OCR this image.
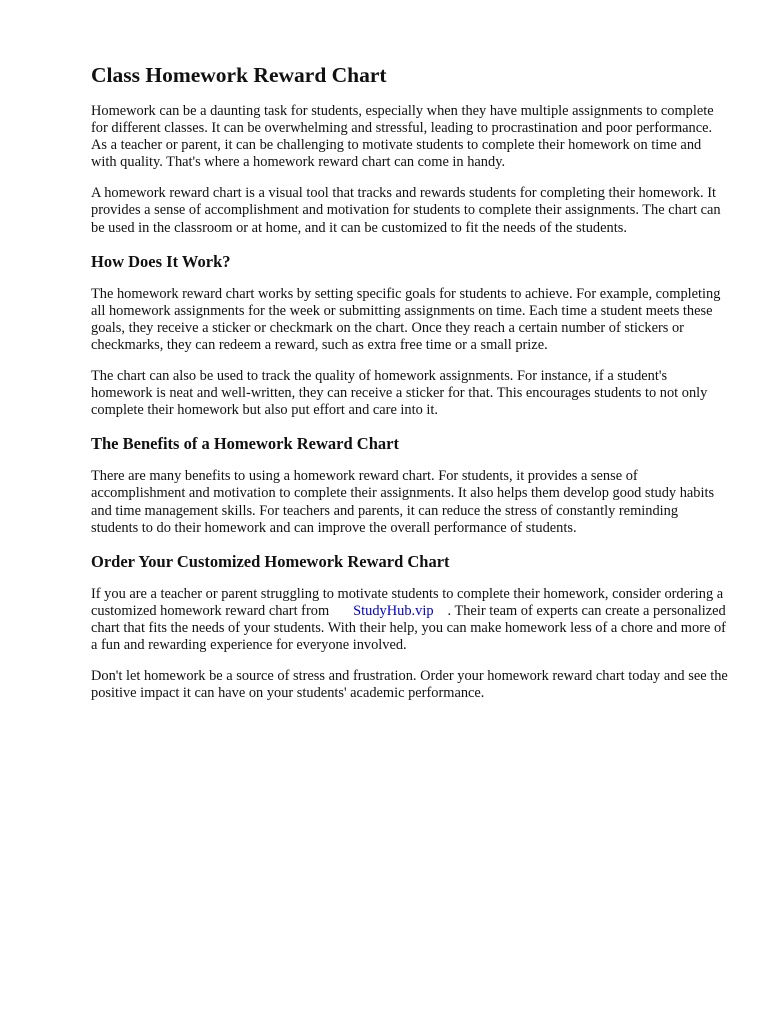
Class Homework Reward Chart

Homework can be a daunting task for students, especially when they have multiple assignments to complete for different classes. It can be overwhelming and stressful, leading to procrastination and poor performance. As a teacher or parent, it can be challenging to motivate students to complete their homework on time and with quality. That's where a homework reward chart can come in handy.

A homework reward chart is a visual tool that tracks and rewards students for completing their homework. It provides a sense of accomplishment and motivation for students to complete their assignments. The chart can be used in the classroom or at home, and it can be customized to fit the needs of the students.

How Does It Work?

The homework reward chart works by setting specific goals for students to achieve. For example, completing all homework assignments for the week or submitting assignments on time. Each time a student meets these goals, they receive a sticker or checkmark on the chart. Once they reach a certain number of stickers or checkmarks, they can redeem a reward, such as extra free time or a small prize.

The chart can also be used to track the quality of homework assignments. For instance, if a student's homework is neat and well-written, they can receive a sticker for that. This encourages students to not only complete their homework but also put effort and care into it.

The Benefits of a Homework Reward Chart

There are many benefits to using a homework reward chart. For students, it provides a sense of accomplishment and motivation to complete their assignments. It also helps them develop good study habits and time management skills. For teachers and parents, it can reduce the stress of constantly reminding students to do their homework and can improve the overall performance of students.

Order Your Customized Homework Reward Chart

If you are a teacher or parent struggling to motivate students to complete their homework, consider ordering a customized homework reward chart from StudyHub.vip . Their team of experts can create a personalized chart that fits the needs of your students. With their help, you can make homework less of a chore and more of a fun and rewarding experience for everyone involved.

Don't let homework be a source of stress and frustration. Order your homework reward chart today and see the positive impact it can have on your students' academic performance.
